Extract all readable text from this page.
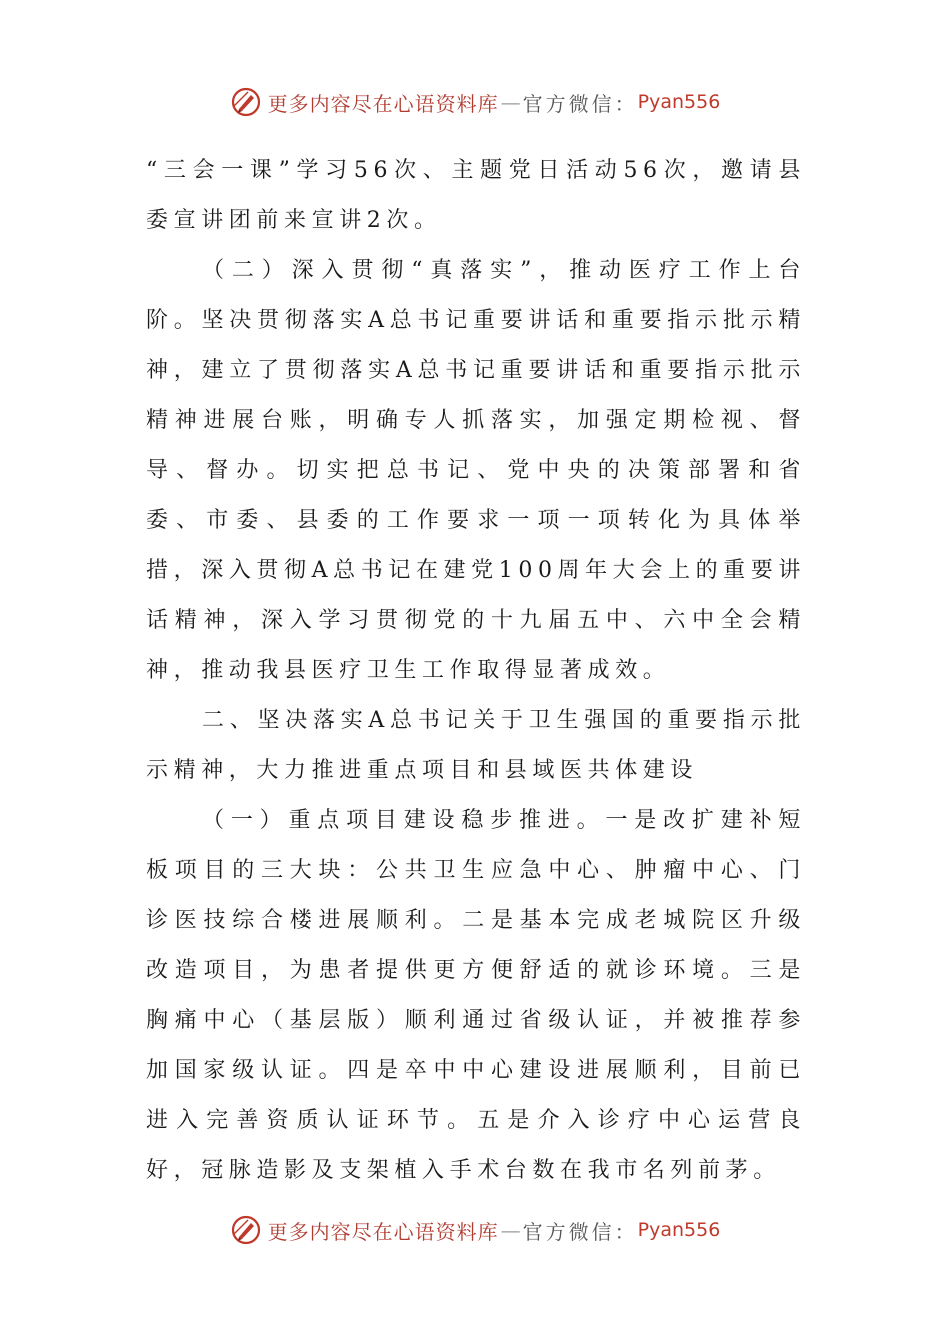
更多内容尽在心语资料库 — 官方微信： Pyan556

“三会一课”学习56次、主题党日活动56次，邀请县委宣讲团前来宣讲2次。

（二）深入贯彻“真落实”，推动医疗工作上台阶。坚决贯彻落实A总书记重要讲话和重要指示批示精神，建立了贯彻落实A总书记重要讲话和重要指示批示精神进展台账，明确专人抓落实，加强定期检视、督导、督办。切实把总书记、党中央的决策部署和省委、市委、县委的工作要求一项一项转化为具体举措，深入贯彻A总书记在建党100周年大会上的重要讲话精神，深入学习贯彻党的十九届五中、六中全会精神，推动我县医疗卫生工作取得显著成效。

二、坚决落实A总书记关于卫生强国的重要指示批示精神，大力推进重点项目和县域医共体建设

（一）重点项目建设稳步推进。一是改扩建补短板项目的三大块：公共卫生应急中心、肿瘤中心、门诊医技综合楼进展顺利。二是基本完成老城院区升级改造项目，为患者提供更方便舒适的就诊环境。三是胸痛中心（基层版）顺利通过省级认证，并被推荐参加国家级认证。四是卒中中心建设进展顺利，目前已进入完善资质认证环节。五是介入诊疗中心运营良好，冠脉造影及支架植入手术台数在我市名列前茅。

更多内容尽在心语资料库 — 官方微信： Pyan556
